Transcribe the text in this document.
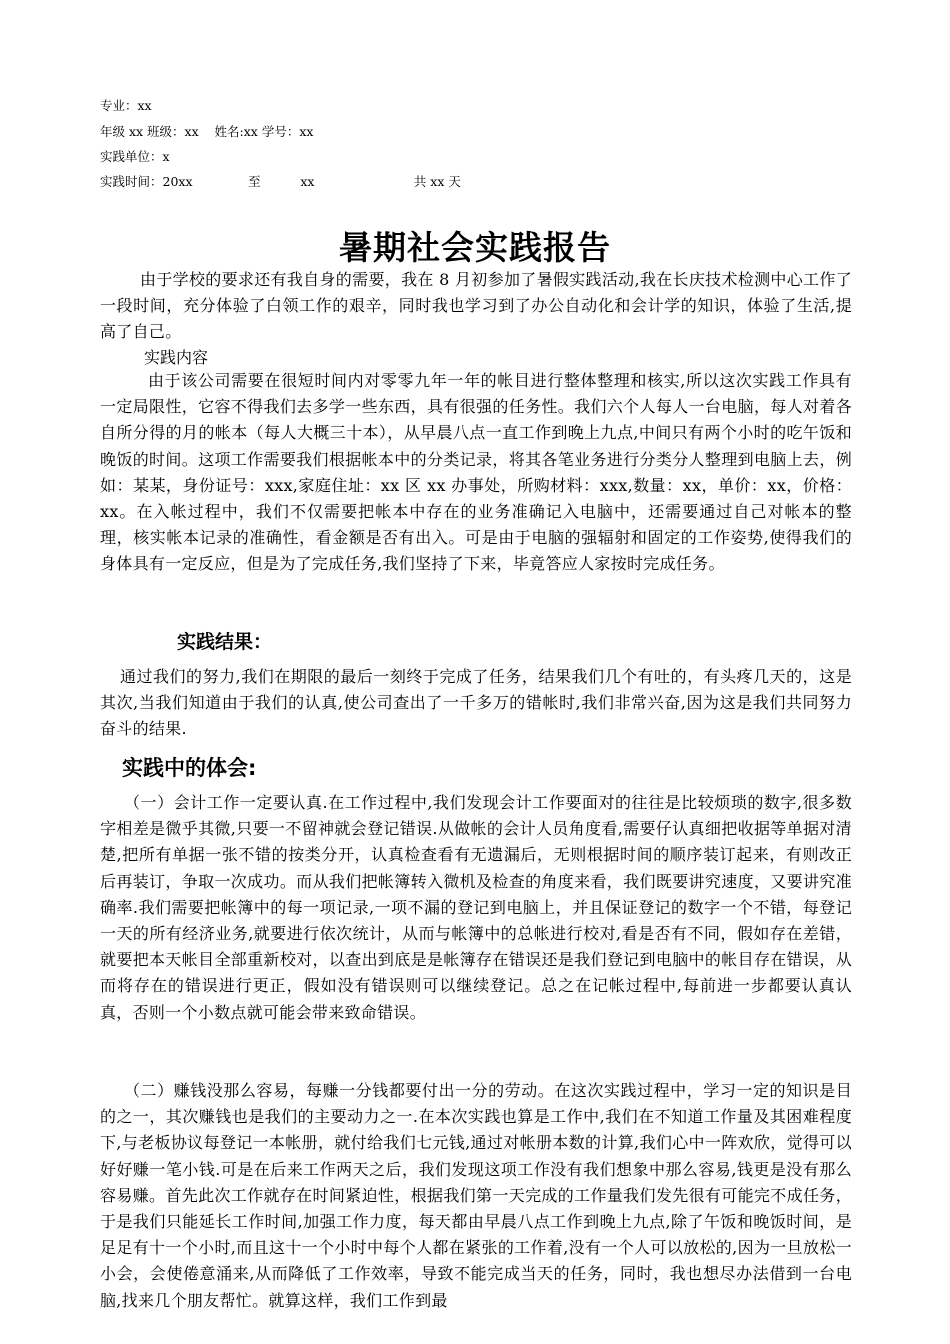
专业：xx
年级 xx 班级：xx    姓名:xx 学号：xx
实践单位：x
实践时间：20xx              至          xx                         共 xx 天
暑期社会实践报告

由于学校的要求还有我自身的需要，我在 8 月初参加了暑假实践活动,我在长庆技术检测中心工作了一段时间，充分体验了白领工作的艰辛，同时我也学习到了办公自动化和会计学的知识，体验了生活,提高了自己。

实践内容

由于该公司需要在很短时间内对零零九年一年的帐目进行整体整理和核实,所以这次实践工作具有一定局限性，它容不得我们去多学一些东西，具有很强的任务性。我们六个人每人一台电脑，每人对着各自所分得的月的帐本（每人大概三十本），从早晨八点一直工作到晚上九点,中间只有两个小时的吃午饭和晚饭的时间。这项工作需要我们根据帐本中的分类记录，将其各笔业务进行分类分人整理到电脑上去，例如：某某，身份证号：xxx,家庭住址：xx 区 xx 办事处，所购材料：xxx,数量：xx，单价：xx，价格：xx。在入帐过程中，我们不仅需要把帐本中存在的业务准确记入电脑中，还需要通过自己对帐本的整理，核实帐本记录的准确性，看金额是否有出入。可是由于电脑的强辐射和固定的工作姿势,使得我们的身体具有一定反应，但是为了完成任务,我们坚持了下来，毕竟答应人家按时完成任务。

实践结果：

通过我们的努力,我们在期限的最后一刻终于完成了任务，结果我们几个有吐的，有头疼几天的，这是其次,当我们知道由于我们的认真,使公司查出了一千多万的错帐时,我们非常兴奋,因为这是我们共同努力奋斗的结果.

实践中的体会:

（一）会计工作一定要认真.在工作过程中,我们发现会计工作要面对的往往是比较烦琐的数字,很多数字相差是微乎其微,只要一不留神就会登记错误.从做帐的会计人员角度看,需要仔认真细把收据等单据对清楚,把所有单据一张不错的按类分开，认真检查看有无遗漏后，无则根据时间的顺序装订起来，有则改正后再装订，争取一次成功。而从我们把帐簿转入微机及检查的角度来看，我们既要讲究速度，又要讲究准确率.我们需要把帐簿中的每一项记录,一项不漏的登记到电脑上，并且保证登记的数字一个不错，每登记一天的所有经济业务,就要进行依次统计，从而与帐簿中的总帐进行校对,看是否有不同，假如存在差错，就要把本天帐目全部重新校对，以查出到底是是帐簿存在错误还是我们登记到电脑中的帐目存在错误，从而将存在的错误进行更正，假如没有错误则可以继续登记。总之在记帐过程中,每前进一步都要认真认真，否则一个小数点就可能会带来致命错误。

（二）赚钱没那么容易，每赚一分钱都要付出一分的劳动。在这次实践过程中，学习一定的知识是目的之一，其次赚钱也是我们的主要动力之一.在本次实践也算是工作中,我们在不知道工作量及其困难程度下,与老板协议每登记一本帐册，就付给我们七元钱,通过对帐册本数的计算,我们心中一阵欢欣，觉得可以好好赚一笔小钱.可是在后来工作两天之后，我们发现这项工作没有我们想象中那么容易,钱更是没有那么容易赚。首先此次工作就存在时间紧迫性，根据我们第一天完成的工作量我们发先很有可能完不成任务，于是我们只能延长工作时间,加强工作力度，每天都由早晨八点工作到晚上九点,除了午饭和晚饭时间，是足足有十一个小时,而且这十一个小时中每个人都在紧张的工作着,没有一个人可以放松的,因为一旦放松一小会，会使倦意涌来,从而降低了工作效率，导致不能完成当天的任务，同时，我也想尽办法借到一台电脑,找来几个朋友帮忙。就算这样，我们工作到最
